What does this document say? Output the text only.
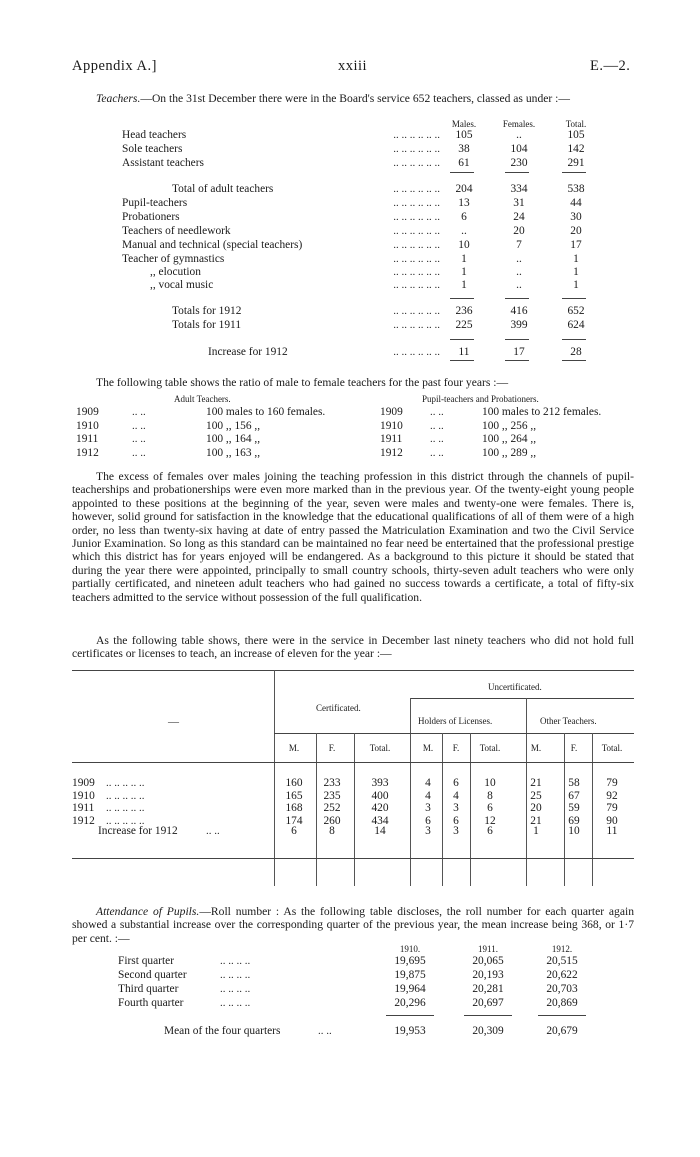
Appendix A.]	xxiii	E.—2.
Teachers.—On the 31st December there were in the Board's service 652 teachers, classed as under :—
Males.	Females.	Total.
Head teachers	.. .. .. .. .. ..	105	..	105
Sole teachers	.. .. .. .. .. ..	38	104	142
Assistant teachers	.. .. .. .. .. ..	61	230	291
Total of adult teachers	.. .. .. .. .. ..	204	334	538
Pupil-teachers	.. .. .. .. .. ..	13	31	44
Probationers	.. .. .. .. .. ..	6	24	30
Teachers of needlework	.. .. .. .. .. ..	..	20	20
Manual and technical (special teachers)	.. .. .. .. .. ..	10	7	17
Teacher of gymnastics	.. .. .. .. .. ..	1	..	1
,, elocution	.. .. .. .. .. ..	1	..	1
,, vocal music	.. .. .. .. .. ..	1	..	1
Totals for 1912	.. .. .. .. .. ..	236	416	652
Totals for 1911	.. .. .. .. .. ..	225	399	624
Increase for 1912	.. .. .. .. .. ..	11	17	28
The following table shows the ratio of male to female teachers for the past four years :—
Adult Teachers.	Pupil-teachers and Probationers.
1909	.. ..	100 males to 160 females.	1909 .. ..	100 males to 212 females.
1910	.. ..	100 ,, 156 ,,	1910 .. ..	100 ,, 256 ,,
1911	.. ..	100 ,, 164 ,,	1911	.. ..	100 ,, 264 ,,
1912	.. ..	100 ,, 163 ,,	1912 .. ..	100 ,, 289 ,,
The excess of females over males joining the teaching profession in this district through the channels of pupil-teacherships and probationerships were even more marked than in the previous year. Of the twenty-eight young people appointed to these positions at the beginning of the year, seven were males and twenty-one were females. There is, however, solid ground for satisfaction in the knowledge that the educational qualifications of all of them were of a high order, no less than twenty-six having at date of entry passed the Matriculation Examination and two the Civil Service Junior Examination. So long as this standard can be maintained no fear need be entertained that the professional prestige which this district has for years enjoyed will be endangered. As a background to this picture it should be stated that during the year there were appointed, principally to small country schools, thirty-seven adult teachers who were only partially certificated, and nineteen adult teachers who had gained no success towards a certificate, a total of fifty-six teachers admitted to the service without possession of the full qualification.
As the following table shows, there were in the service in December last ninety teachers who did not hold full certificates or licenses to teach, an increase of eleven for the year :—
Certificated.
Uncertificated.
—	Holders of Licenses.	Other Teachers.
M.	F.	Total.	M.	F.	Total.	M.	F.	Total.
1909 .. .. .. .. ..	160	233	393	4	6	10	21	58	79
1910 .. .. .. .. ..	165	235	400	4	4	8	25	67	92
1911 .. .. .. .. ..	168	252	420	3	3	6	20	59	79
1912 .. .. .. .. ..	174	260	434	6	6	12	21	69	90
Increase for 1912	.. ..	6	8	14	3	3	6	1	10	11
Attendance of Pupils.—Roll number : As the following table discloses, the roll number for each quarter again showed a substantial increase over the corresponding quarter of the previous year, the mean increase being 368, or 1·7 per cent. :—
1910.	1911.	1912.
First quarter	.. .. .. ..	19,695	20,065	20,515
Second quarter	.. .. .. ..	19,875	20,193	20,622
Third quarter	.. .. .. ..	19,964	20,281	20,703
Fourth quarter	.. .. .. ..	20,296	20,697	20,869
Mean of the four quarters	.. ..	19,953	20,309	20,679
